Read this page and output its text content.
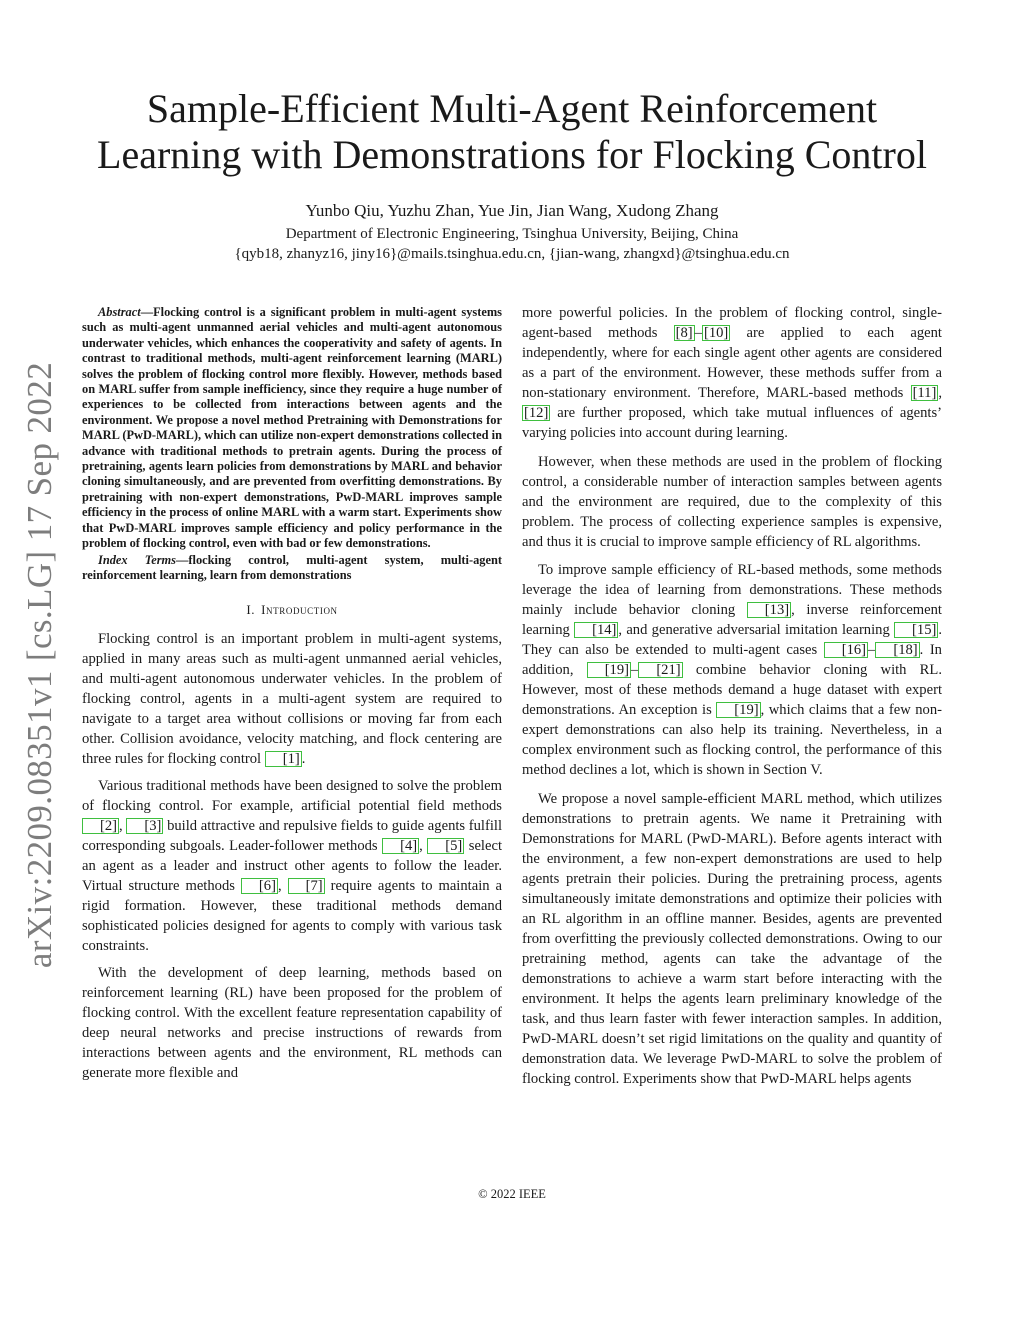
arXiv:2209.08351v1 [cs.LG] 17 Sep 2022
Sample-Efficient Multi-Agent Reinforcement
Learning with Demonstrations for Flocking Control
Yunbo Qiu, Yuzhu Zhan, Yue Jin, Jian Wang, Xudong Zhang
Department of Electronic Engineering, Tsinghua University, Beijing, China
{qyb18, zhanyz16, jiny16}@mails.tsinghua.edu.cn, {jian-wang, zhangxd}@tsinghua.edu.cn

Abstract—Flocking control is a significant problem in multi-agent systems such as multi-agent unmanned aerial vehicles and multi-agent autonomous underwater vehicles, which enhances the cooperativity and safety of agents. In contrast to traditional methods, multi-agent reinforcement learning (MARL) solves the problem of flocking control more flexibly. However, methods based on MARL suffer from sample inefficiency, since they require a huge number of experiences to be collected from interactions between agents and the environment. We propose a novel method Pretraining with Demonstrations for MARL (PwD-MARL), which can utilize non-expert demonstrations collected in advance with traditional methods to pretrain agents. During the process of pretraining, agents learn policies from demonstrations by MARL and behavior cloning simultaneously, and are prevented from overfitting demonstrations. By pretraining with non-expert demonstrations, PwD-MARL improves sample efficiency in the process of online MARL with a warm start. Experiments show that PwD-MARL improves sample efficiency and policy performance in the problem of flocking control, even with bad or few demonstrations.

Index Terms—flocking control, multi-agent system, multi-agent reinforcement learning, learn from demonstrations

I. Introduction

Flocking control is an important problem in multi-agent systems, applied in many areas such as multi-agent unmanned aerial vehicles, and multi-agent autonomous underwater vehicles. In the problem of flocking control, agents in a multi-agent system are required to navigate to a target area without collisions or moving far from each other. Collision avoidance, velocity matching, and flock centering are three rules for flocking control [1] .

Various traditional methods have been designed to solve the problem of flocking control. For example, artificial potential field methods [2] , [3] build attractive and repulsive fields to guide agents fulfill corresponding subgoals. Leader-follower methods [4] , [5] select an agent as a leader and instruct other agents to follow the leader. Virtual structure methods [6] , [7] require agents to maintain a rigid formation. However, these traditional methods demand sophisticated policies designed for agents to comply with various task constraints.

With the development of deep learning, methods based on reinforcement learning (RL) have been proposed for the problem of flocking control. With the excellent feature representation capability of deep neural networks and precise instructions of rewards from interactions between agents and the environment, RL methods can generate more flexible and

more powerful policies. In the problem of flocking control, single-agent-based methods [8] – [10] are applied to each agent independently, where for each single agent other agents are considered as a part of the environment. However, these methods suffer from a non-stationary environment. Therefore, MARL-based methods [11] , [12] are further proposed, which take mutual influences of agents’ varying policies into account during learning.

However, when these methods are used in the problem of flocking control, a considerable number of interaction samples between agents and the environment are required, due to the complexity of this problem. The process of collecting experience samples is expensive, and thus it is crucial to improve sample efficiency of RL algorithms.

To improve sample efficiency of RL-based methods, some methods leverage the idea of learning from demonstrations. These methods mainly include behavior cloning [13] , inverse reinforcement learning [14] , and generative adversarial imitation learning [15] . They can also be extended to multi-agent cases [16] – [18] . In addition, [19] – [21] combine behavior cloning with RL. However, most of these methods demand a huge dataset with expert demonstrations. An exception is [19] , which claims that a few non-expert demonstrations can also help its training. Nevertheless, in a complex environment such as flocking control, the performance of this method declines a lot, which is shown in Section V.

We propose a novel sample-efficient MARL method, which utilizes demonstrations to pretrain agents. We name it Pretraining with Demonstrations for MARL (PwD-MARL). Before agents interact with the environment, a few non-expert demonstrations are used to help agents pretrain their policies. During the pretraining process, agents simultaneously imitate demonstrations and optimize their policies with an RL algorithm in an offline manner. Besides, agents are prevented from overfitting the previously collected demonstrations. Owing to our pretraining method, agents can take the advantage of the demonstrations to achieve a warm start before interacting with the environment. It helps the agents learn preliminary knowledge of the task, and thus learn faster with fewer interaction samples. In addition, PwD-MARL doesn’t set rigid limitations on the quality and quantity of demonstration data. We leverage PwD-MARL to solve the problem of flocking control. Experiments show that PwD-MARL helps agents

© 2022 IEEE
